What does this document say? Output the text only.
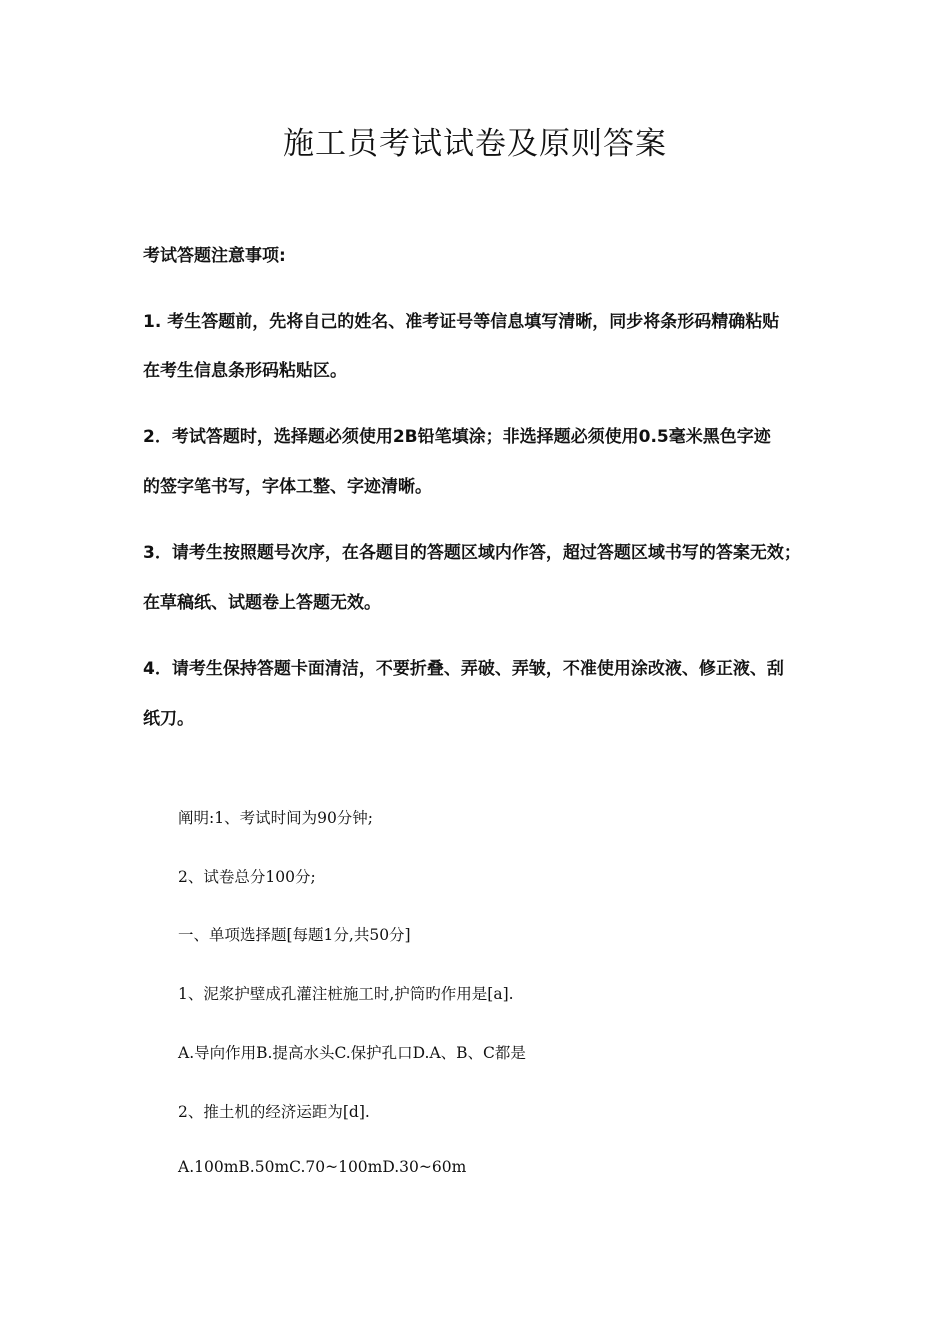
施工员考试试卷及原则答案
考试答题注意事项:
1. 考生答题前，先将自己的姓名、准考证号等信息填写清晰，同步将条形码精确粘贴
在考生信息条形码粘贴区。
2．考试答题时，选择题必须使用2B铅笔填涂；非选择题必须使用0.5毫米黑色字迹
的签字笔书写，字体工整、字迹清晰。
3．请考生按照题号次序，在各题目的答题区域内作答，超过答题区域书写的答案无效；
在草稿纸、试题卷上答题无效。
4．请考生保持答题卡面清洁，不要折叠、弄破、弄皱，不准使用涂改液、修正液、刮
纸刀。
阐明:1、考试时间为90分钟;
2、试卷总分100分;
一、单项选择题[每题1分,共50分]
1、泥浆护壁成孔灌注桩施工时,护筒旳作用是[a].
A.导向作用B.提高水头C.保护孔口D.A、B、C都是
2、推土机的经济运距为[d].
A.100mB.50mC.70~100mD.30~60m
